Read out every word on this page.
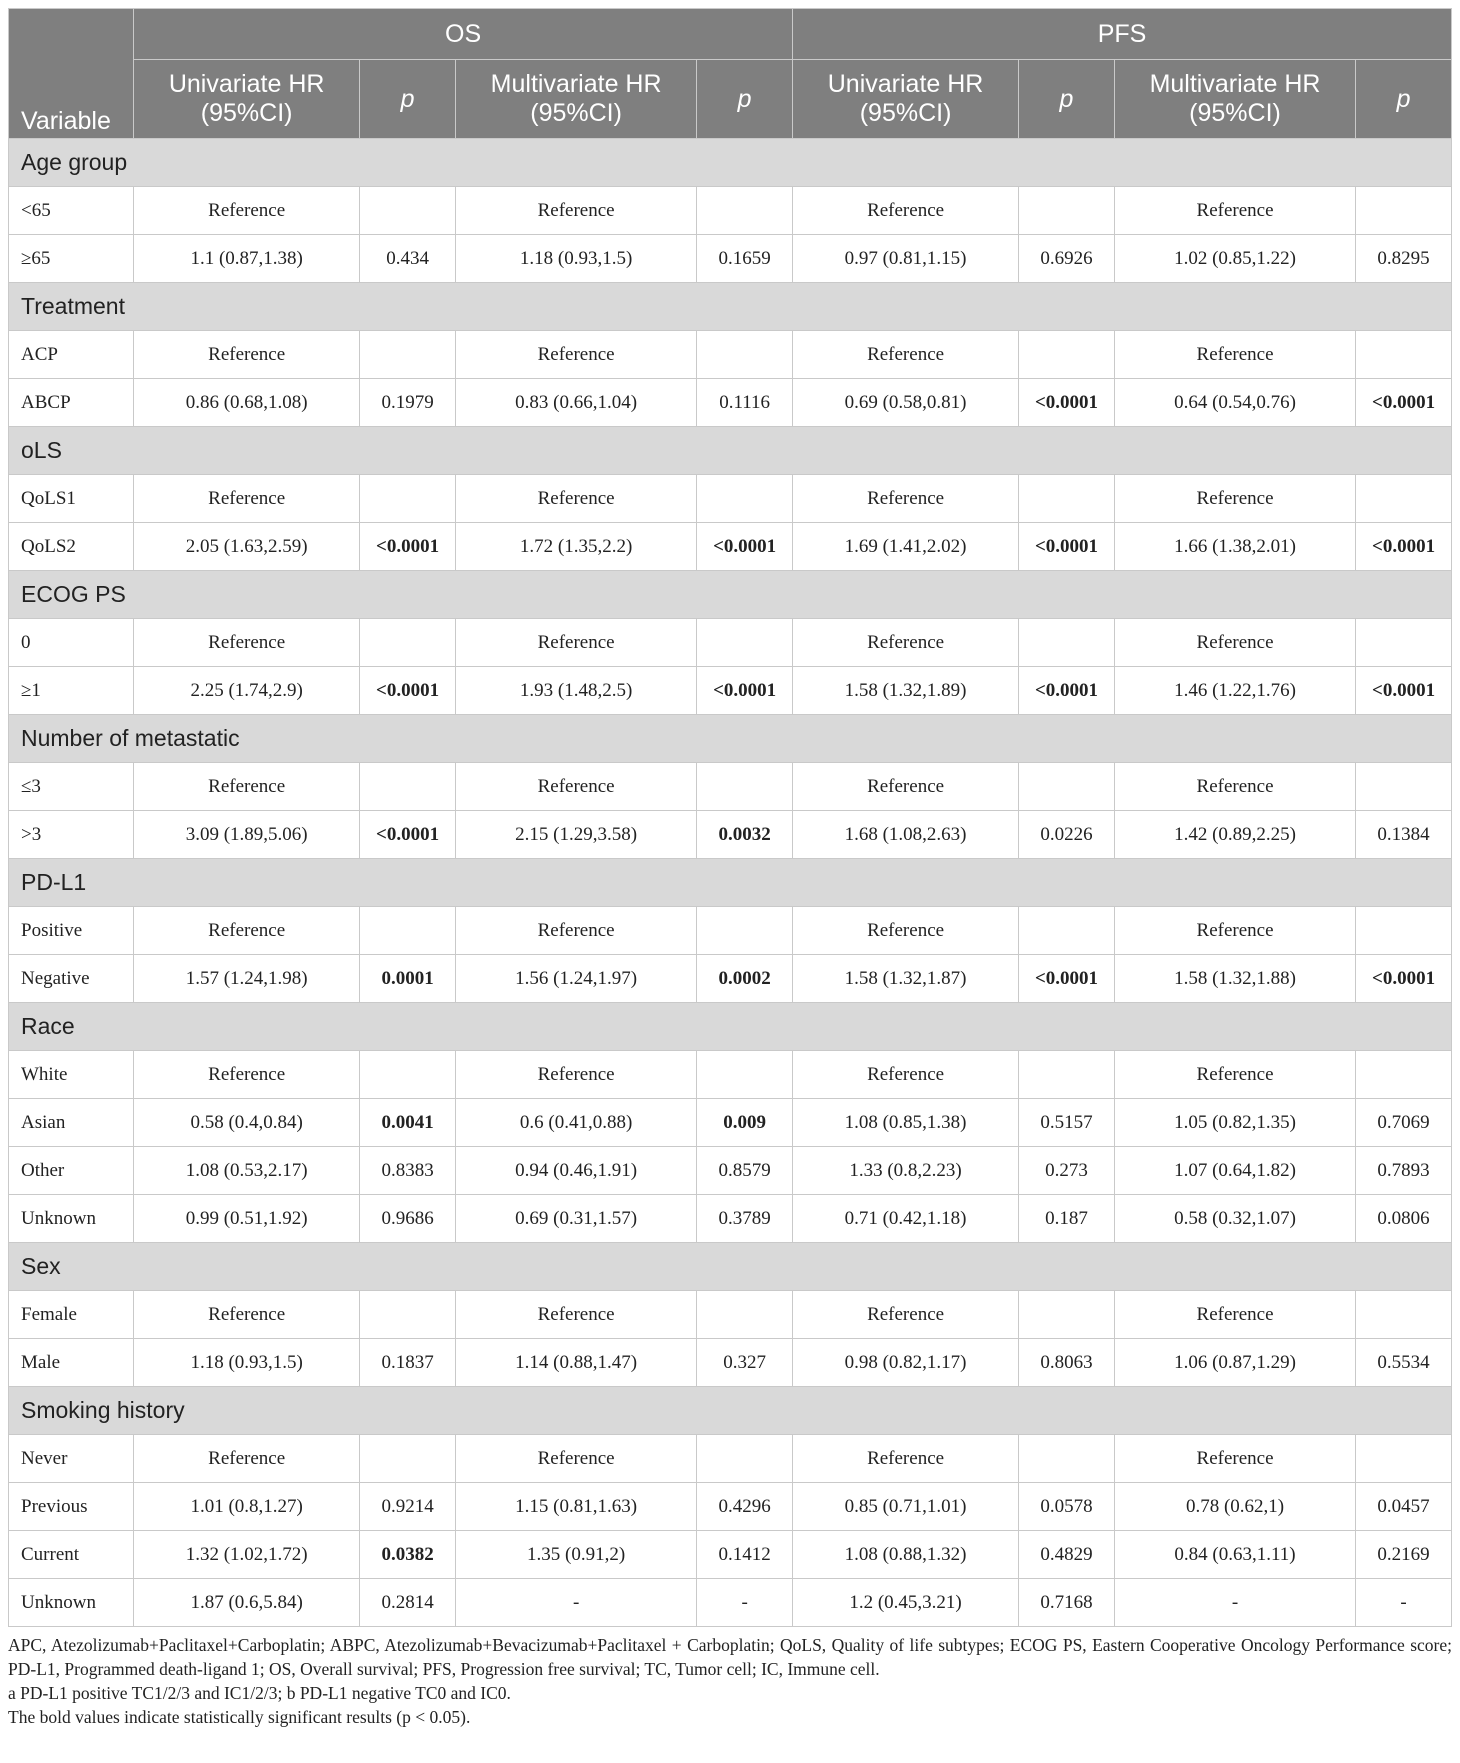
Variable	OS				PFS			
	Univariate HR (95%CI)	p	Multivariate HR (95%CI)	p	Univariate HR (95%CI)	p	Multivariate HR (95%CI)	p
Age group								
<65	Reference		Reference		Reference		Reference	
≥65	1.1 (0.87,1.38)	0.434	1.18 (0.93,1.5)	0.1659	0.97 (0.81,1.15)	0.6926	1.02 (0.85,1.22)	0.8295
Treatment								
ACP	Reference		Reference		Reference		Reference	
ABCP	0.86 (0.68,1.08)	0.1979	0.83 (0.66,1.04)	0.1116	0.69 (0.58,0.81)	<0.0001	0.64 (0.54,0.76)	<0.0001
oLS								
QoLS1	Reference		Reference		Reference		Reference	
QoLS2	2.05 (1.63,2.59)	<0.0001	1.72 (1.35,2.2)	<0.0001	1.69 (1.41,2.02)	<0.0001	1.66 (1.38,2.01)	<0.0001
ECOG PS								
0	Reference		Reference		Reference		Reference	
≥1	2.25 (1.74,2.9)	<0.0001	1.93 (1.48,2.5)	<0.0001	1.58 (1.32,1.89)	<0.0001	1.46 (1.22,1.76)	<0.0001
Number of metastatic								
≤3	Reference		Reference		Reference		Reference	
>3	3.09 (1.89,5.06)	<0.0001	2.15 (1.29,3.58)	0.0032	1.68 (1.08,2.63)	0.0226	1.42 (0.89,2.25)	0.1384
PD-L1								
Positive	Reference		Reference		Reference		Reference	
Negative	1.57 (1.24,1.98)	0.0001	1.56 (1.24,1.97)	0.0002	1.58 (1.32,1.87)	<0.0001	1.58 (1.32,1.88)	<0.0001
Race								
White	Reference		Reference		Reference		Reference	
Asian	0.58 (0.4,0.84)	0.0041	0.6 (0.41,0.88)	0.009	1.08 (0.85,1.38)	0.5157	1.05 (0.82,1.35)	0.7069
Other	1.08 (0.53,2.17)	0.8383	0.94 (0.46,1.91)	0.8579	1.33 (0.8,2.23)	0.273	1.07 (0.64,1.82)	0.7893
Unknown	0.99 (0.51,1.92)	0.9686	0.69 (0.31,1.57)	0.3789	0.71 (0.42,1.18)	0.187	0.58 (0.32,1.07)	0.0806
Sex								
Female	Reference		Reference		Reference		Reference	
Male	1.18 (0.93,1.5)	0.1837	1.14 (0.88,1.47)	0.327	0.98 (0.82,1.17)	0.8063	1.06 (0.87,1.29)	0.5534
Smoking history								
Never	Reference		Reference		Reference		Reference	
Previous	1.01 (0.8,1.27)	0.9214	1.15 (0.81,1.63)	0.4296	0.85 (0.71,1.01)	0.0578	0.78 (0.62,1)	0.0457
Current	1.32 (1.02,1.72)	0.0382	1.35 (0.91,2)	0.1412	1.08 (0.88,1.32)	0.4829	0.84 (0.63,1.11)	0.2169
Unknown	1.87 (0.6,5.84)	0.2814	-	-	1.2 (0.45,3.21)	0.7168	-	-

APC, Atezolizumab+Paclitaxel+Carboplatin; ABPC, Atezolizumab+Bevacizumab+Paclitaxel + Carboplatin; QoLS, Quality of life subtypes; ECOG PS, Eastern Cooperative Oncology Performance score; PD-L1, Programmed death-ligand 1; OS, Overall survival; PFS, Progression free survival; TC, Tumor cell; IC, Immune cell.

a PD-L1 positive TC1/2/3 and IC1/2/3; b PD-L1 negative TC0 and IC0.

The bold values indicate statistically significant results (p < 0.05).
